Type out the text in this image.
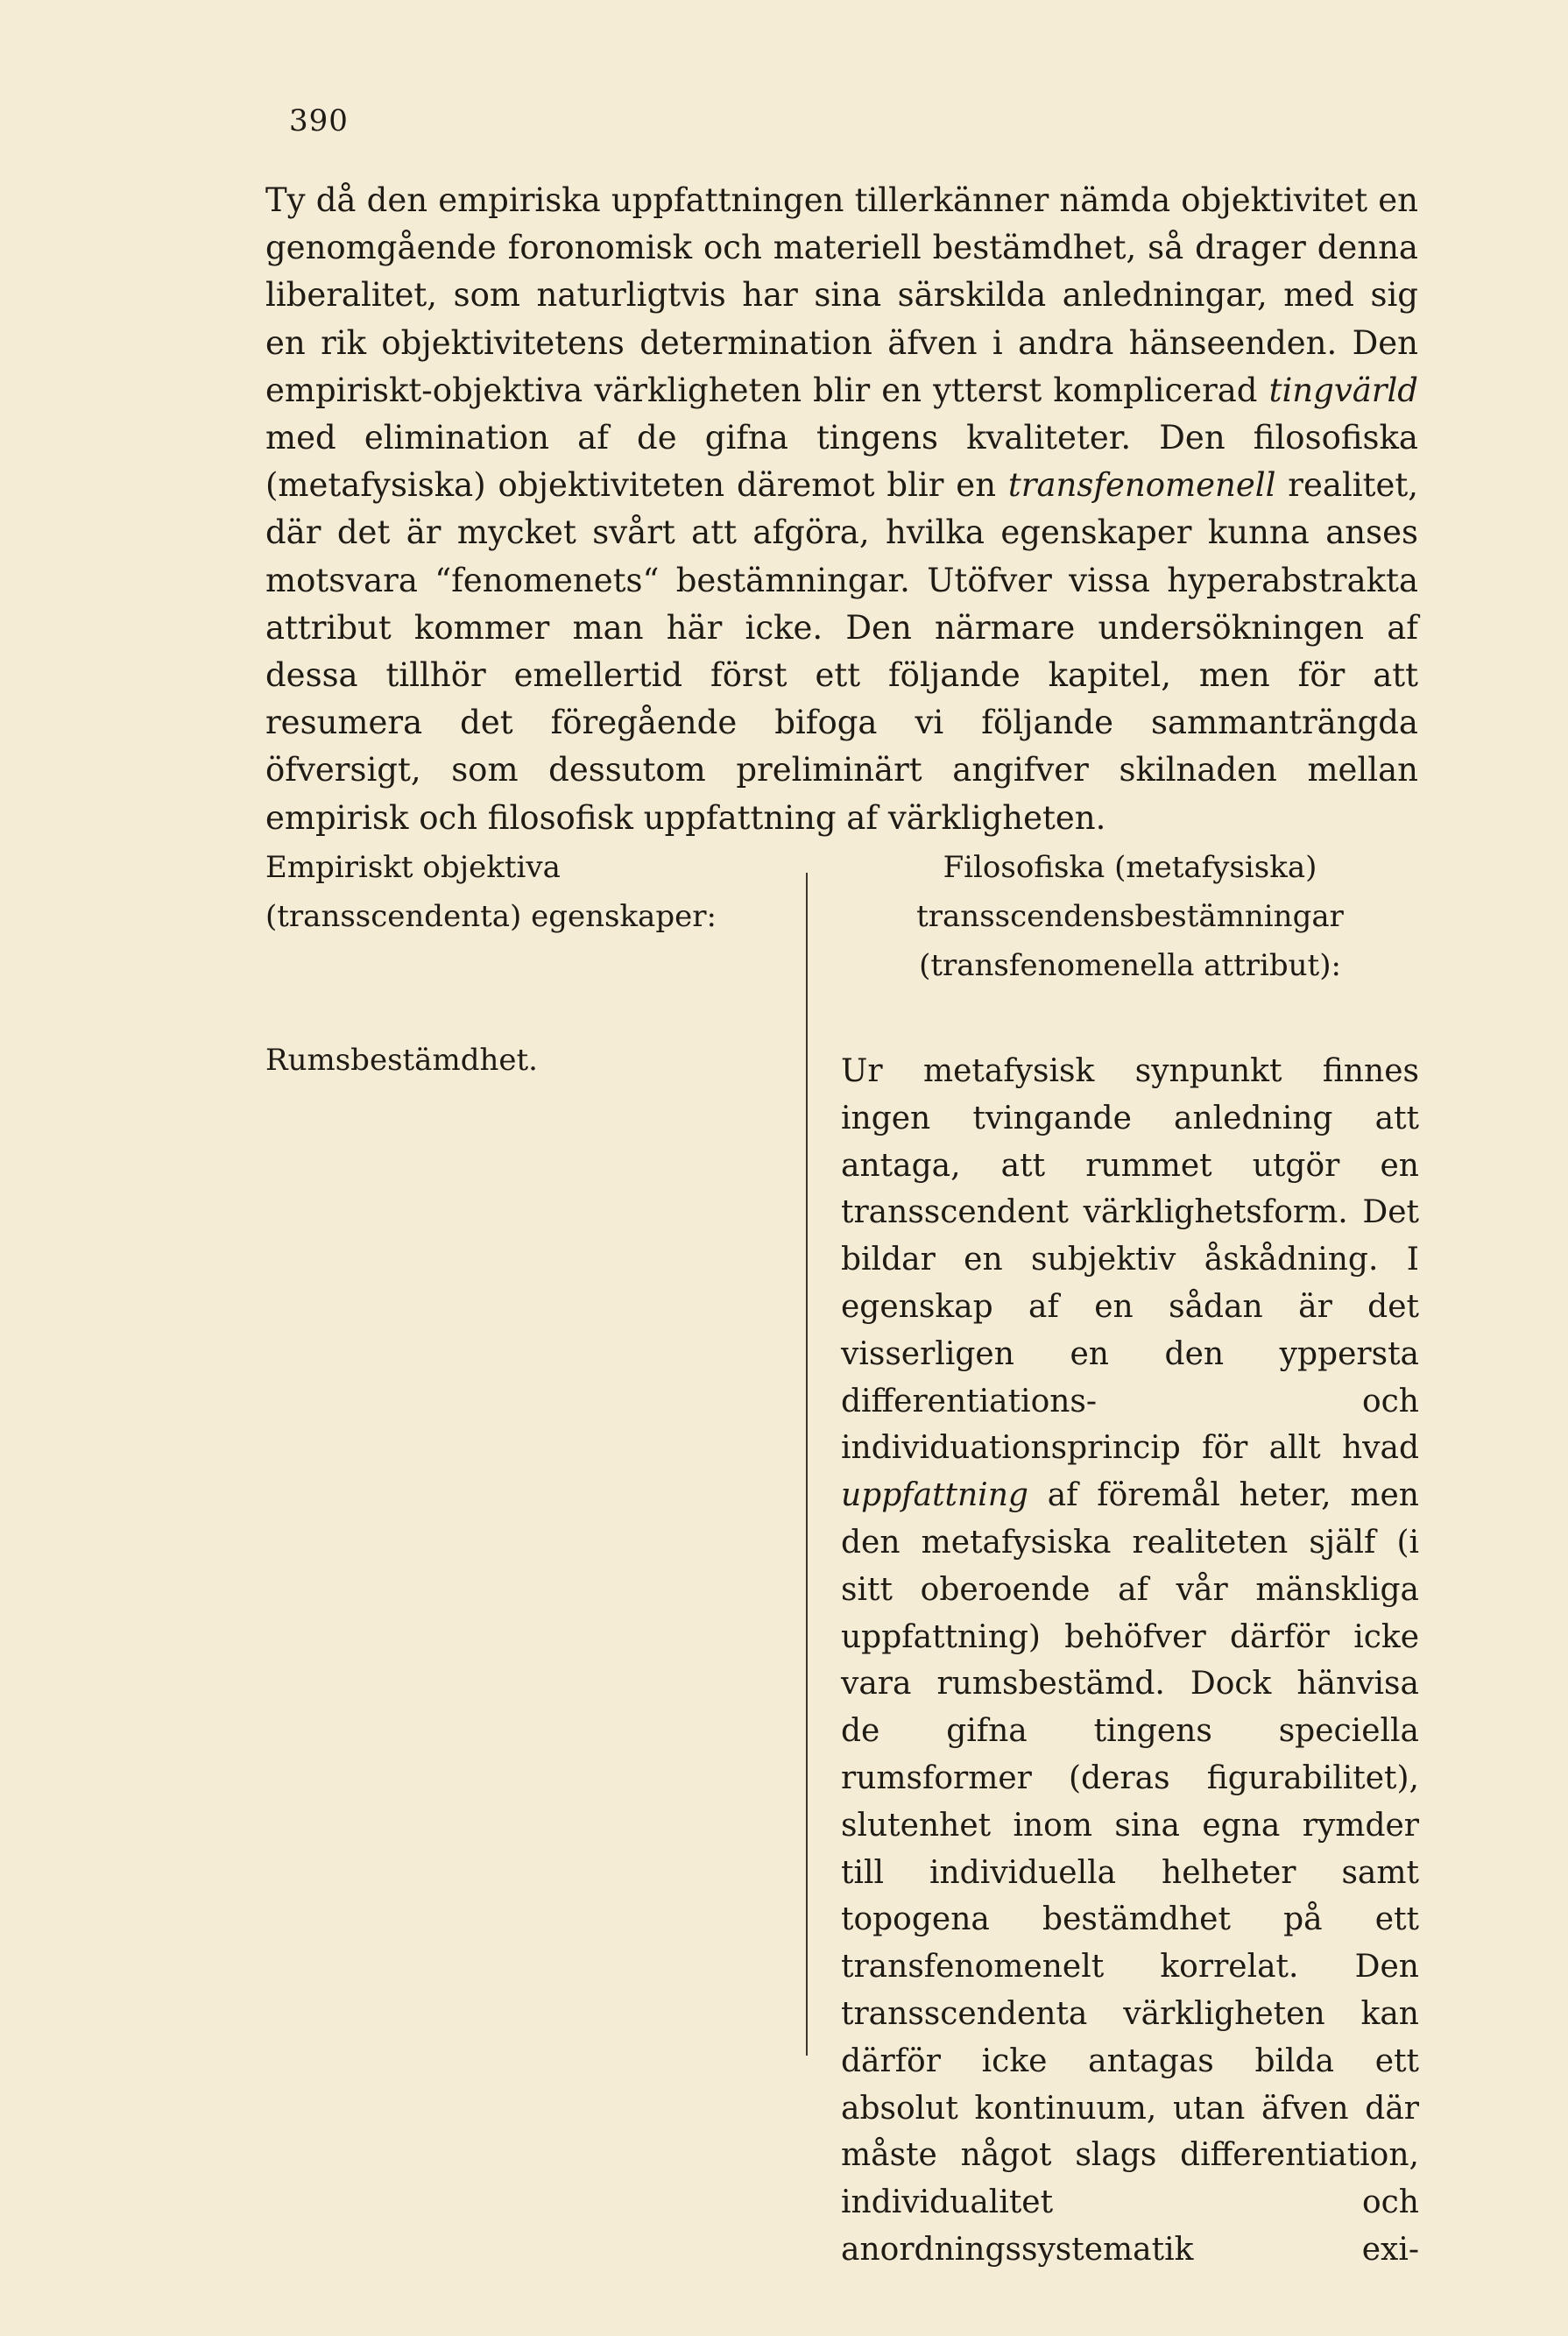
390

Ty då den empiriska uppfattningen tillerkänner nämda objektivitet en genomgående foronomisk och materiell bestämdhet, så drager denna liberalitet, som naturligtvis har sina särskilda anledningar, med sig en rik objektivitetens determination äfven i andra hänseenden. Den empiriskt-objektiva värkligheten blir en ytterst komplicerad tingvärld med elimination af de gifna tingens kvaliteter. Den filosofiska (metafysiska) objektiviteten däremot blir en transfenomenell realitet, där det är mycket svårt att afgöra, hvilka egenskaper kunna anses motsvara “fenomenets“ bestämningar. Utöfver vissa hyperabstrakta attribut kommer man här icke. Den närmare undersökningen af dessa tillhör emellertid först ett följande kapitel, men för att resumera det föregående bifoga vi följande sammanträngda öfversigt, som dessutom preliminärt angifver skilnaden mellan empirisk och filosofisk uppfattning af värkligheten.

Empiriskt objektiva (transscendenta) egenskaper:

Rumsbestämdhet.

Filosofiska (metafysiska) transscendensbestämningar (transfenomenella attribut):

Ur metafysisk synpunkt finnes ingen tvingande anledning att antaga, att rummet utgör en transscendent värklighetsform. Det bildar en subjektiv åskådning. I egenskap af en sådan är det visserligen en den yppersta differentiations- och individuationsprincip för allt hvad uppfattning af föremål heter, men den metafysiska realiteten själf (i sitt oberoende af vår mänskliga uppfattning) behöfver därför icke vara rumsbestämd. Dock hänvisa de gifna tingens speciella rumsformer (deras figurabilitet), slutenhet inom sina egna rymder till individuella helheter samt topogena bestämdhet på ett transfenomenelt korrelat. Den transscendenta värkligheten kan därför icke antagas bilda ett absolut kontinuum, utan äfven där måste något slags differentiation, individualitet och anordningssystematik exi-
